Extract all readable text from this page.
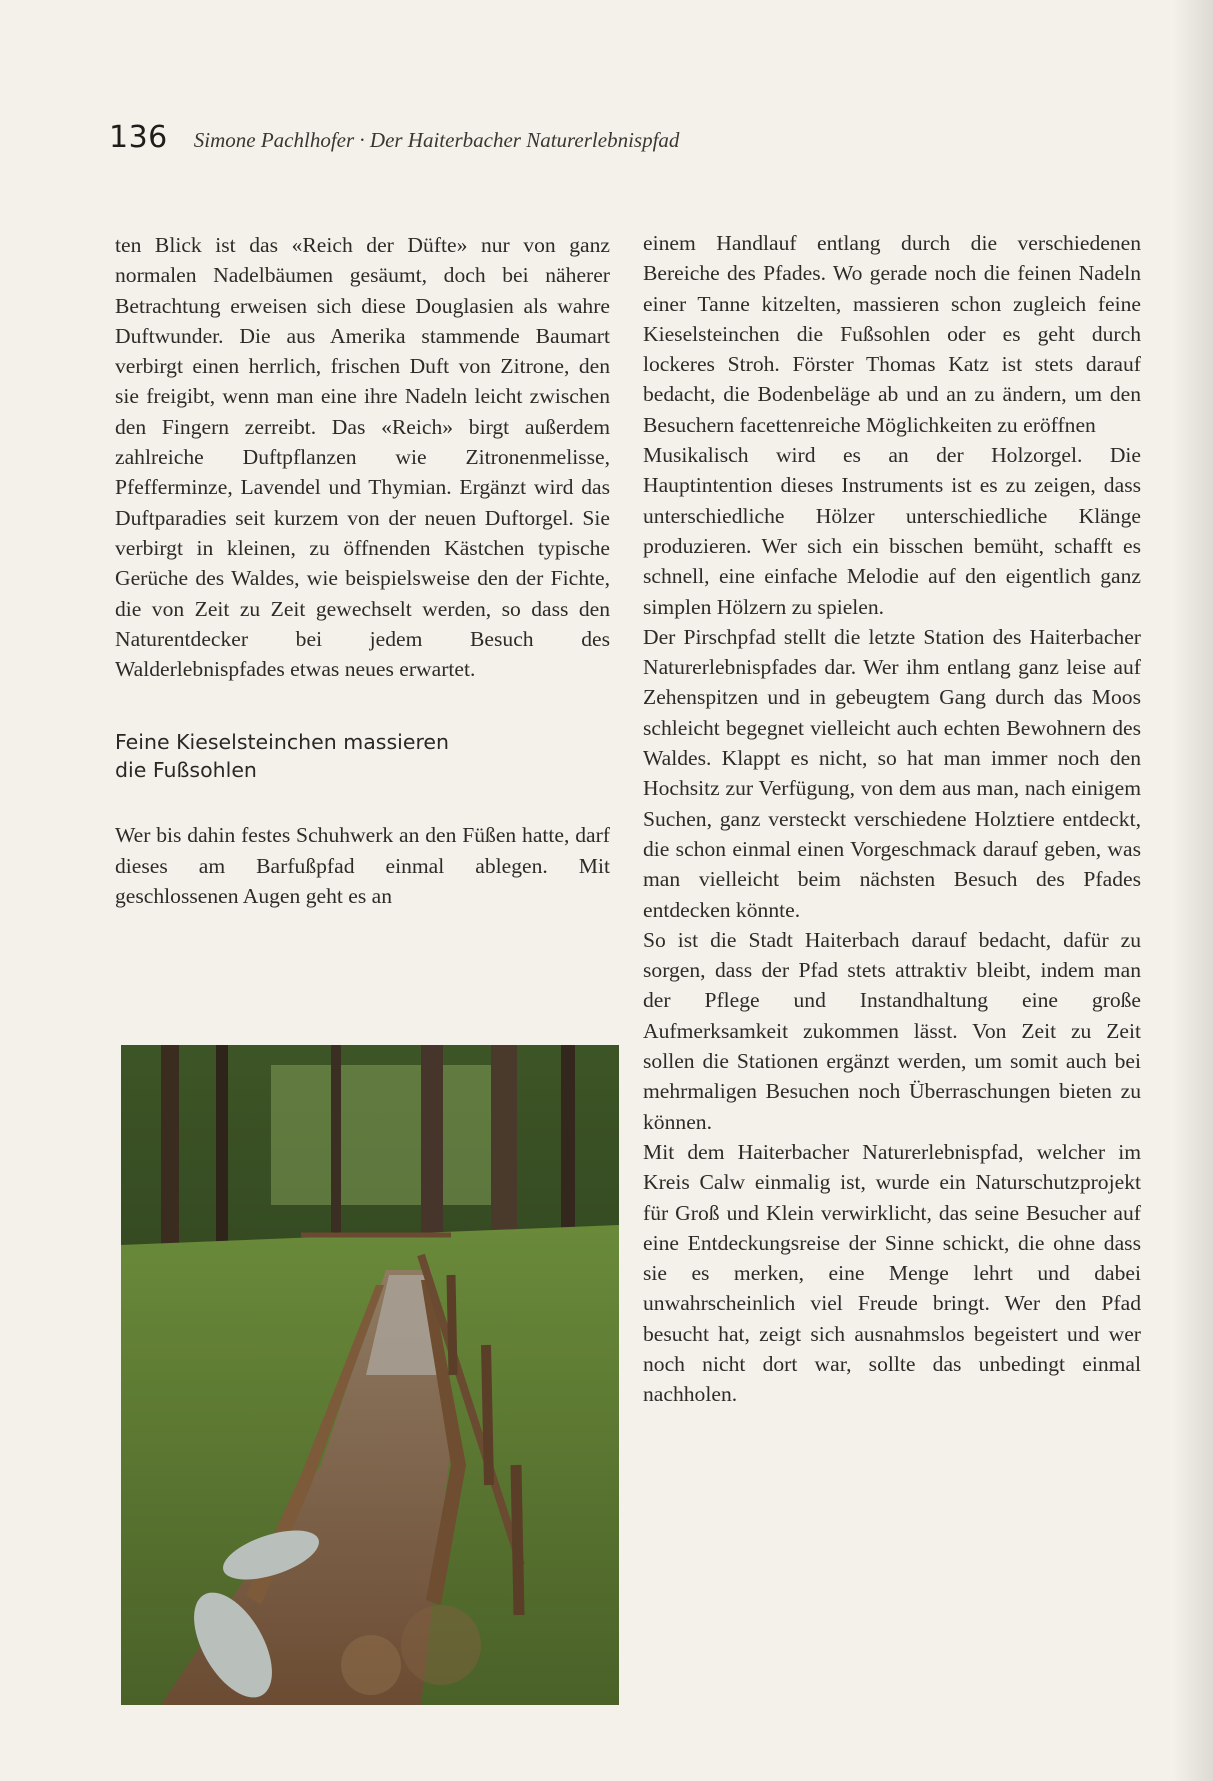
136 Simone Pachlhofer · Der Haiterbacher Naturerlebnispfad

ten Blick ist das «Reich der Düfte» nur von ganz normalen Nadelbäumen gesäumt, doch bei näherer Betrachtung erweisen sich diese Douglasien als wahre Duftwunder. Die aus Amerika stammende Baumart verbirgt einen herrlich, frischen Duft von Zitrone, den sie freigibt, wenn man eine ihre Nadeln leicht zwischen den Fingern zerreibt. Das «Reich» birgt außerdem zahlreiche Duftpflanzen wie Zitronenmelisse, Pfefferminze, Lavendel und Thymian. Ergänzt wird das Duftparadies seit kurzem von der neuen Duftorgel. Sie verbirgt in kleinen, zu öffnenden Kästchen typische Gerüche des Waldes, wie beispielsweise den der Fichte, die von Zeit zu Zeit gewechselt werden, so dass den Naturentdecker bei jedem Besuch des Walderlebnispfades etwas neues erwartet.

Feine Kieselsteinchen massieren
die Fußsohlen

Wer bis dahin festes Schuhwerk an den Füßen hatte, darf dieses am Barfußpfad einmal ablegen. Mit geschlossenen Augen geht es an

einem Handlauf entlang durch die verschiedenen Bereiche des Pfades. Wo gerade noch die feinen Nadeln einer Tanne kitzelten, massieren schon zugleich feine Kieselsteinchen die Fußsohlen oder es geht durch lockeres Stroh. Förster Thomas Katz ist stets darauf bedacht, die Bodenbeläge ab und an zu ändern, um den Besuchern facettenreiche Möglichkeiten zu eröffnen

Musikalisch wird es an der Holzorgel. Die Hauptintention dieses Instruments ist es zu zeigen, dass unterschiedliche Hölzer unterschiedliche Klänge produzieren. Wer sich ein bisschen bemüht, schafft es schnell, eine einfache Melodie auf den eigentlich ganz simplen Hölzern zu spielen.

Der Pirschpfad stellt die letzte Station des Haiterbacher Naturerlebnispfades dar. Wer ihm entlang ganz leise auf Zehenspitzen und in gebeugtem Gang durch das Moos schleicht begegnet vielleicht auch echten Bewohnern des Waldes. Klappt es nicht, so hat man immer noch den Hochsitz zur Verfügung, von dem aus man, nach einigem Suchen, ganz versteckt verschiedene Holztiere entdeckt, die schon einmal einen Vorgeschmack darauf geben, was man vielleicht beim nächsten Besuch des Pfades entdecken könnte.

So ist die Stadt Haiterbach darauf bedacht, dafür zu sorgen, dass der Pfad stets attraktiv bleibt, indem man der Pflege und Instandhaltung eine große Aufmerksamkeit zukommen lässt. Von Zeit zu Zeit sollen die Stationen ergänzt werden, um somit auch bei mehrmaligen Besuchen noch Überraschungen bieten zu können.

Mit dem Haiterbacher Naturerlebnispfad, welcher im Kreis Calw einmalig ist, wurde ein Naturschutzprojekt für Groß und Klein verwirklicht, das seine Besucher auf eine Entdeckungsreise der Sinne schickt, die ohne dass sie es merken, eine Menge lehrt und dabei unwahrscheinlich viel Freude bringt. Wer den Pfad besucht hat, zeigt sich ausnahmslos begeistert und wer noch nicht dort war, sollte das unbedingt einmal nachholen.
